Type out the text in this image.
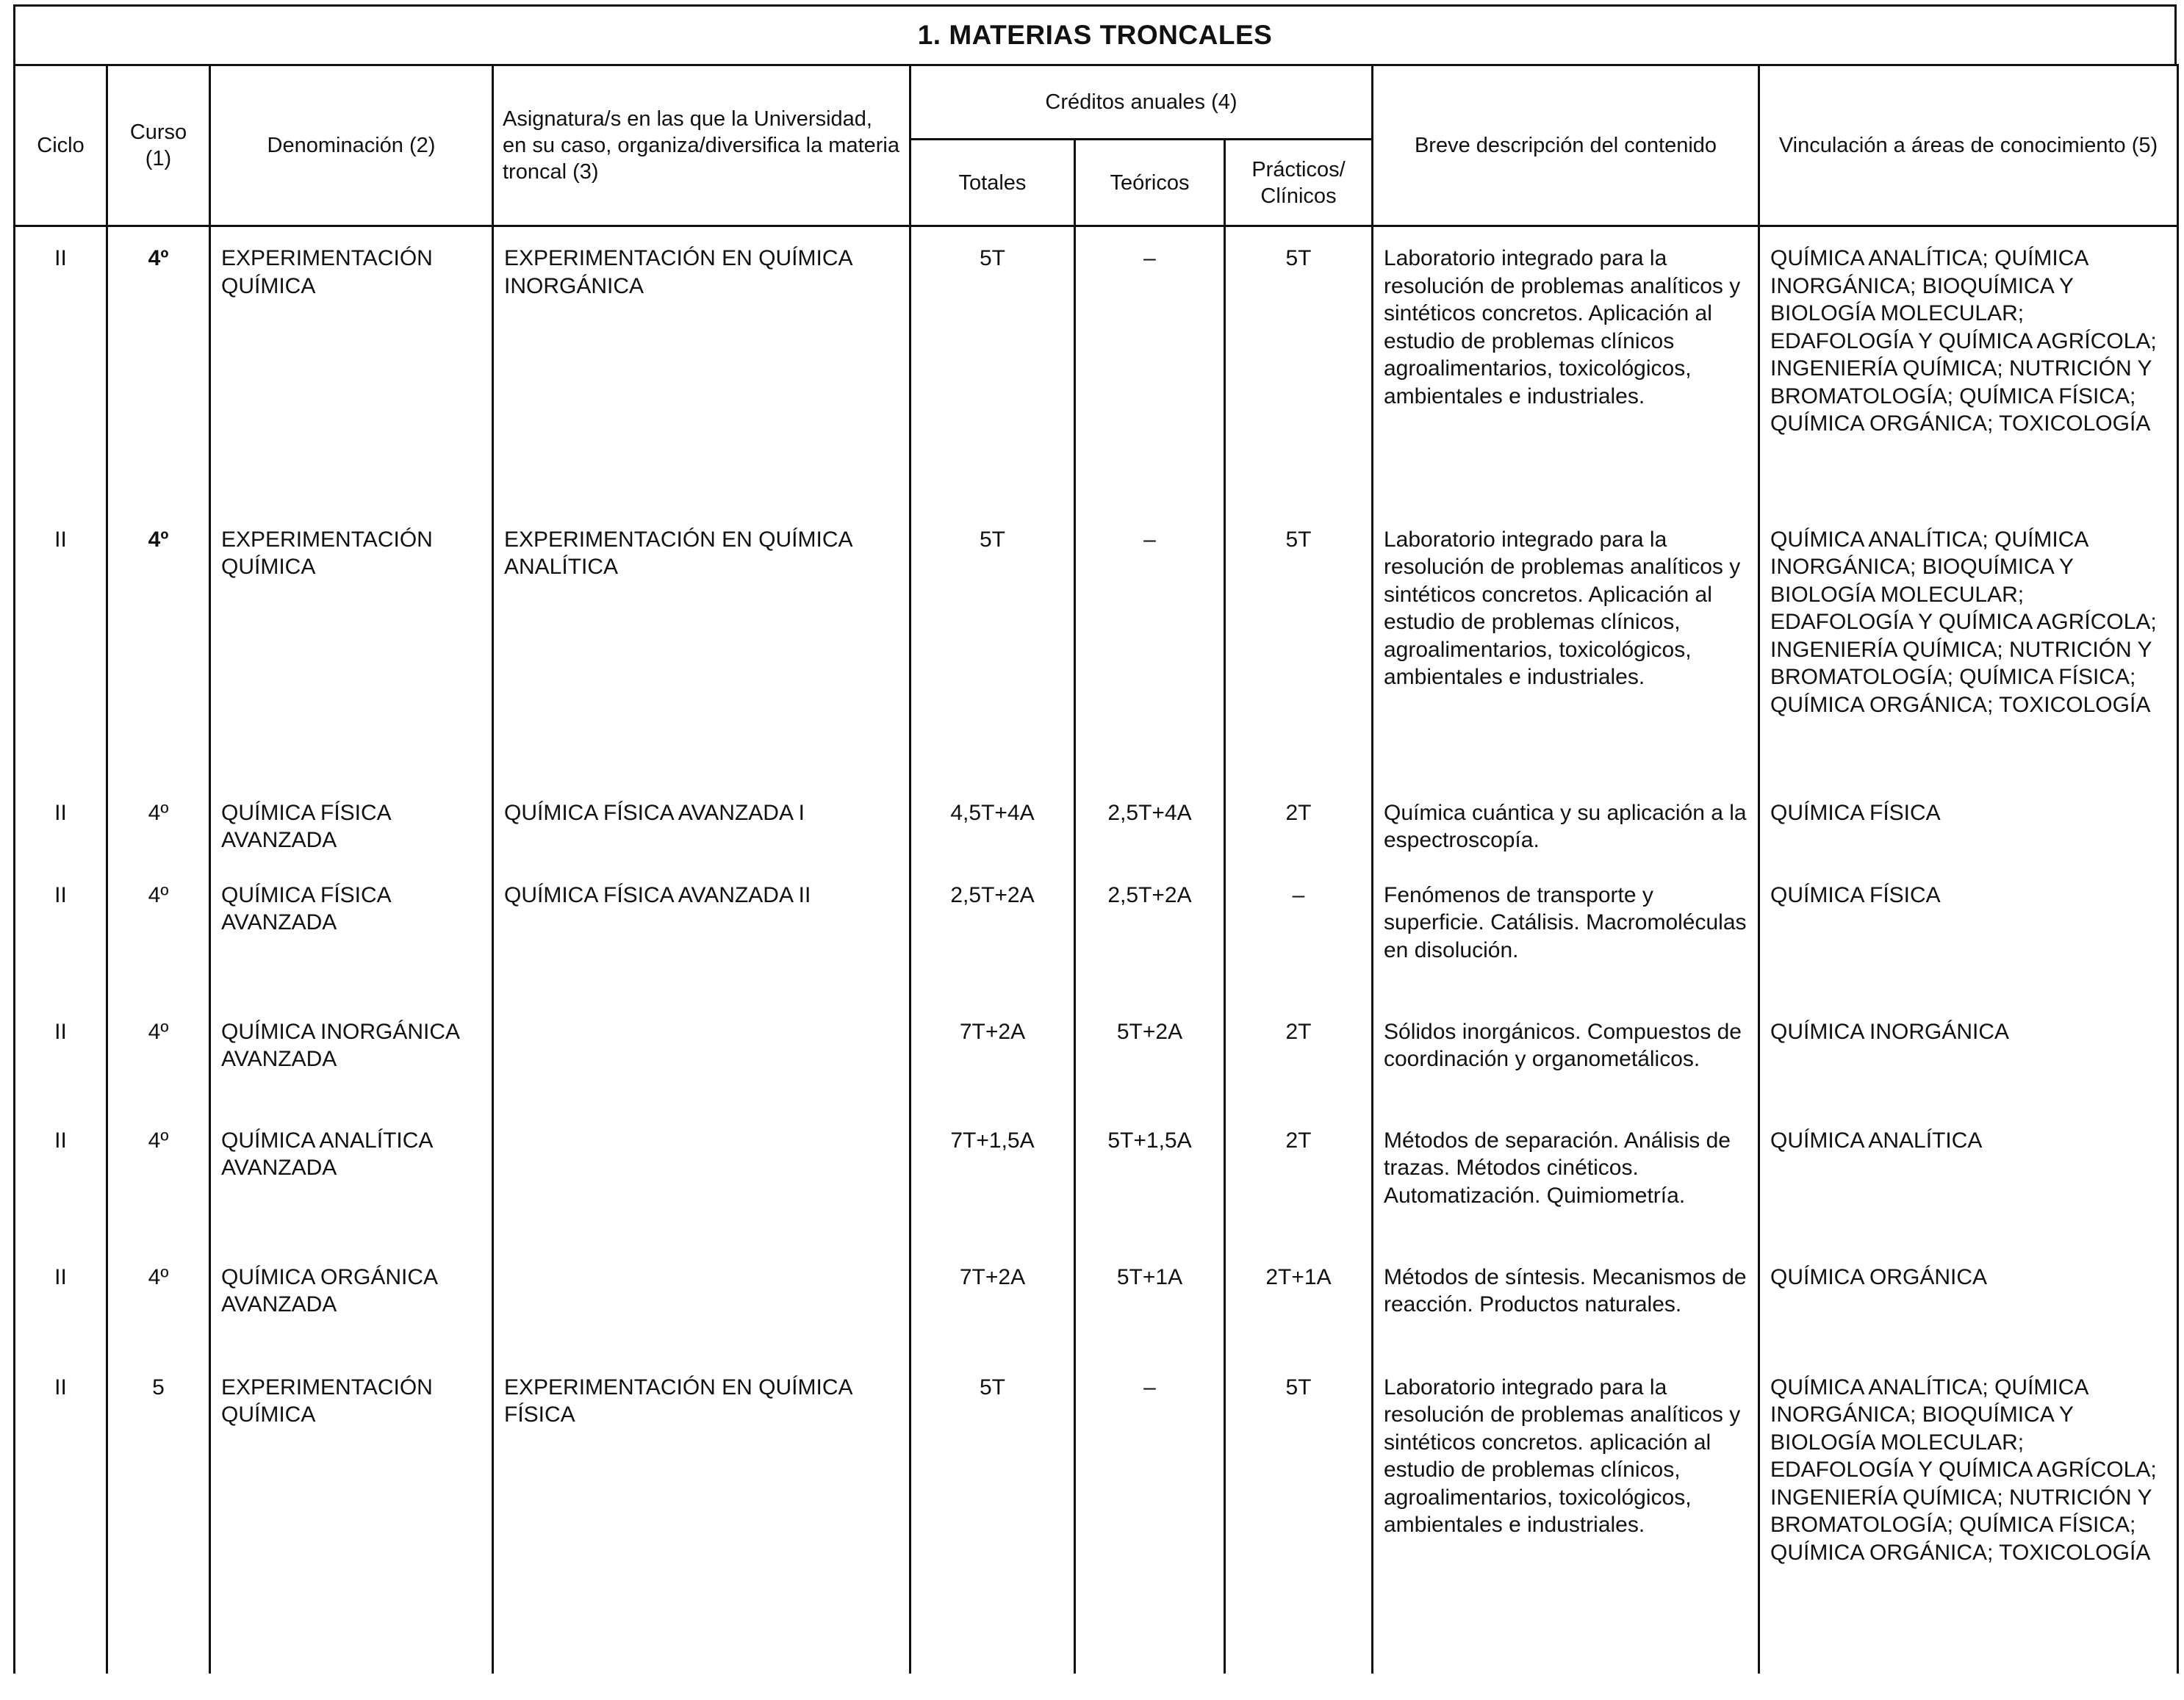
1. MATERIAS TRONCALES
Ciclo	Curso (1)	Denominación (2)	Asignatura/s en las que la Universidad, en su caso, organiza/diversifica la materia troncal (3)	Créditos anuales (4)			Breve descripción del contenido	Vinculación a áreas de conocimiento (5)
				Totales	Teóricos	Prácticos/ Clínicos		
II	4º	EXPERIMENTACIÓN QUÍMICA	EXPERIMENTACIÓN EN QUÍMICA INORGÁNICA	5T	–	5T	Laboratorio integrado para la resolución de problemas analíticos y sintéticos concretos. Aplicación al estudio de problemas clínicos agroalimentarios, toxicológicos, ambientales e industriales.	QUÍMICA ANALÍTICA; QUÍMICA INORGÁNICA; BIOQUÍMICA Y BIOLOGÍA MOLECULAR; EDAFOLOGÍA Y QUÍMICA AGRÍCOLA; INGENIERÍA QUÍMICA; NUTRICIÓN Y BROMATOLOGÍA; QUÍMICA FÍSICA; QUÍMICA ORGÁNICA; TOXICOLOGÍA
II	4º	EXPERIMENTACIÓN QUÍMICA	EXPERIMENTACIÓN EN QUÍMICA ANALÍTICA	5T	–	5T	Laboratorio integrado para la resolución de problemas analíticos y sintéticos concretos. Aplicación al estudio de problemas clínicos, agroalimentarios, toxicológicos, ambientales e industriales.	QUÍMICA ANALÍTICA; QUÍMICA INORGÁNICA; BIOQUÍMICA Y BIOLOGÍA MOLECULAR; EDAFOLOGÍA Y QUÍMICA AGRÍCOLA; INGENIERÍA QUÍMICA; NUTRICIÓN Y BROMATOLOGÍA; QUÍMICA FÍSICA; QUÍMICA ORGÁNICA; TOXICOLOGÍA
II	4º	QUÍMICA FÍSICA AVANZADA	QUÍMICA FÍSICA AVANZADA I	4,5T+4A	2,5T+4A	2T	Química cuántica y su aplicación a la espectroscopía.	QUÍMICA FÍSICA
II	4º	QUÍMICA FÍSICA AVANZADA	QUÍMICA FÍSICA AVANZADA II	2,5T+2A	2,5T+2A	–	Fenómenos de transporte y superficie. Catálisis. Macromoléculas en disolución.	QUÍMICA FÍSICA
II	4º	QUÍMICA INORGÁNICA AVANZADA		7T+2A	5T+2A	2T	Sólidos inorgánicos. Compuestos de coordinación y organometálicos.	QUÍMICA INORGÁNICA
II	4º	QUÍMICA ANALÍTICA AVANZADA		7T+1,5A	5T+1,5A	2T	Métodos de separación. Análisis de trazas. Métodos cinéticos. Automatización. Quimiometría.	QUÍMICA ANALÍTICA
II	4º	QUÍMICA ORGÁNICA AVANZADA		7T+2A	5T+1A	2T+1A	Métodos de síntesis. Mecanismos de reacción. Productos naturales.	QUÍMICA ORGÁNICA
II	5	EXPERIMENTACIÓN QUÍMICA	EXPERIMENTACIÓN EN QUÍMICA FÍSICA	5T	–	5T	Laboratorio integrado para la resolución de problemas analíticos y sintéticos concretos. aplicación al estudio de problemas clínicos, agroalimentarios, toxicológicos, ambientales e industriales.	QUÍMICA ANALÍTICA; QUÍMICA INORGÁNICA; BIOQUÍMICA Y BIOLOGÍA MOLECULAR; EDAFOLOGÍA Y QUÍMICA AGRÍCOLA; INGENIERÍA QUÍMICA; NUTRICIÓN Y BROMATOLOGÍA; QUÍMICA FÍSICA; QUÍMICA ORGÁNICA; TOXICOLOGÍA
